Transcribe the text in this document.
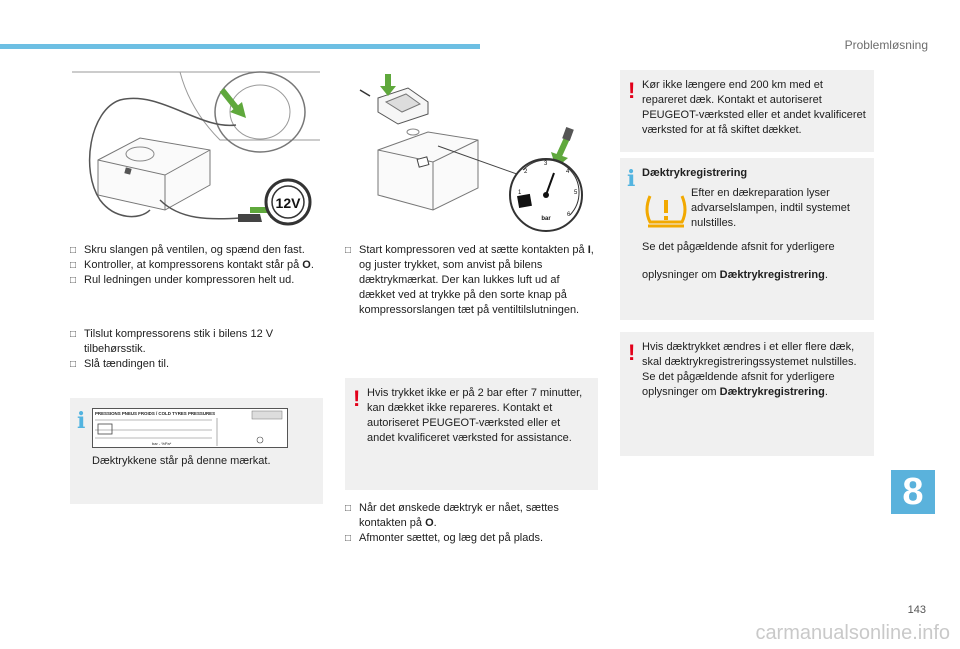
Problemløsning
12V
1
2
3
4
5
6
bar
□ Skru slangen på ventilen, og spænd den fast.
□ Kontroller, at kompressorens kontakt står på O.
□ Rul ledningen under kompressoren helt ud.
□ Tilslut kompressorens stik i bilens 12 V tilbehørsstik.
□ Slå tændingen til.
i PRESSIONS PNEUS FROIDS / COLD TYRES PRESSURES
bar - %Pa*
Dæktrykkene står på denne mærkat.
□ Start kompressoren ved at sætte kontakten på I, og juster trykket, som anvist på bilens dæktrykmærkat. Der kan lukkes luft ud af dækket ved at trykke på den sorte knap på kompressorslangen tæt på ventiltilslutningen.
! Hvis trykket ikke er på 2 bar efter 7 minutter, kan dækket ikke repareres. Kontakt et autoriseret PEUGEOT-værksted eller et andet kvalificeret værksted for assistance.
□ Når det ønskede dæktryk er nået, sættes kontakten på O.
□ Afmonter sættet, og læg det på plads.
! Kør ikke længere end 200 km med et repareret dæk. Kontakt et autoriseret PEUGEOT-værksted eller et andet kvalificeret værksted for at få skiftet dækket.
i Dæktrykregistrering
Efter en dækreparation lyser advarselslampen, indtil systemet nulstilles.
Se det pågældende afsnit for yderligere
oplysninger om Dæktrykregistrering.
! Hvis dæktrykket ændres i et eller flere dæk, skal dæktrykregistreringssystemet nulstilles.
Se det pågældende afsnit for yderligere oplysninger om Dæktrykregistrering.
8
143
carmanualsonline.info
